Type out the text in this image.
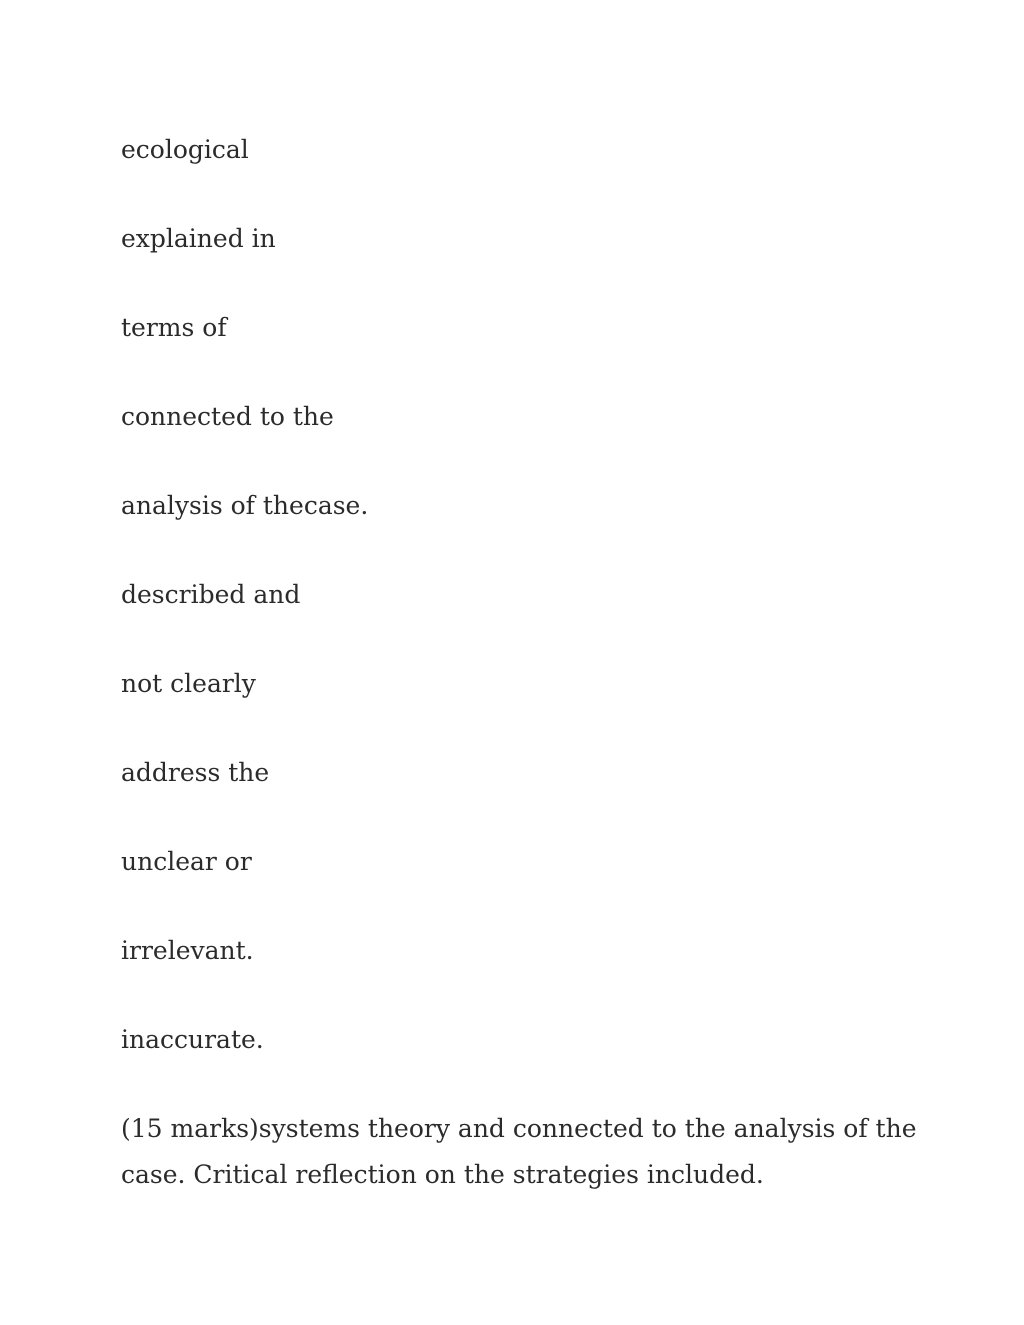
ecological

explained in

terms of

connected to the

analysis of thecase.

described and

not clearly

address the

unclear or

irrelevant.

inaccurate.

(15 marks)systems theory and connected to the analysis of the
case. Critical reflection on the strategies included.
